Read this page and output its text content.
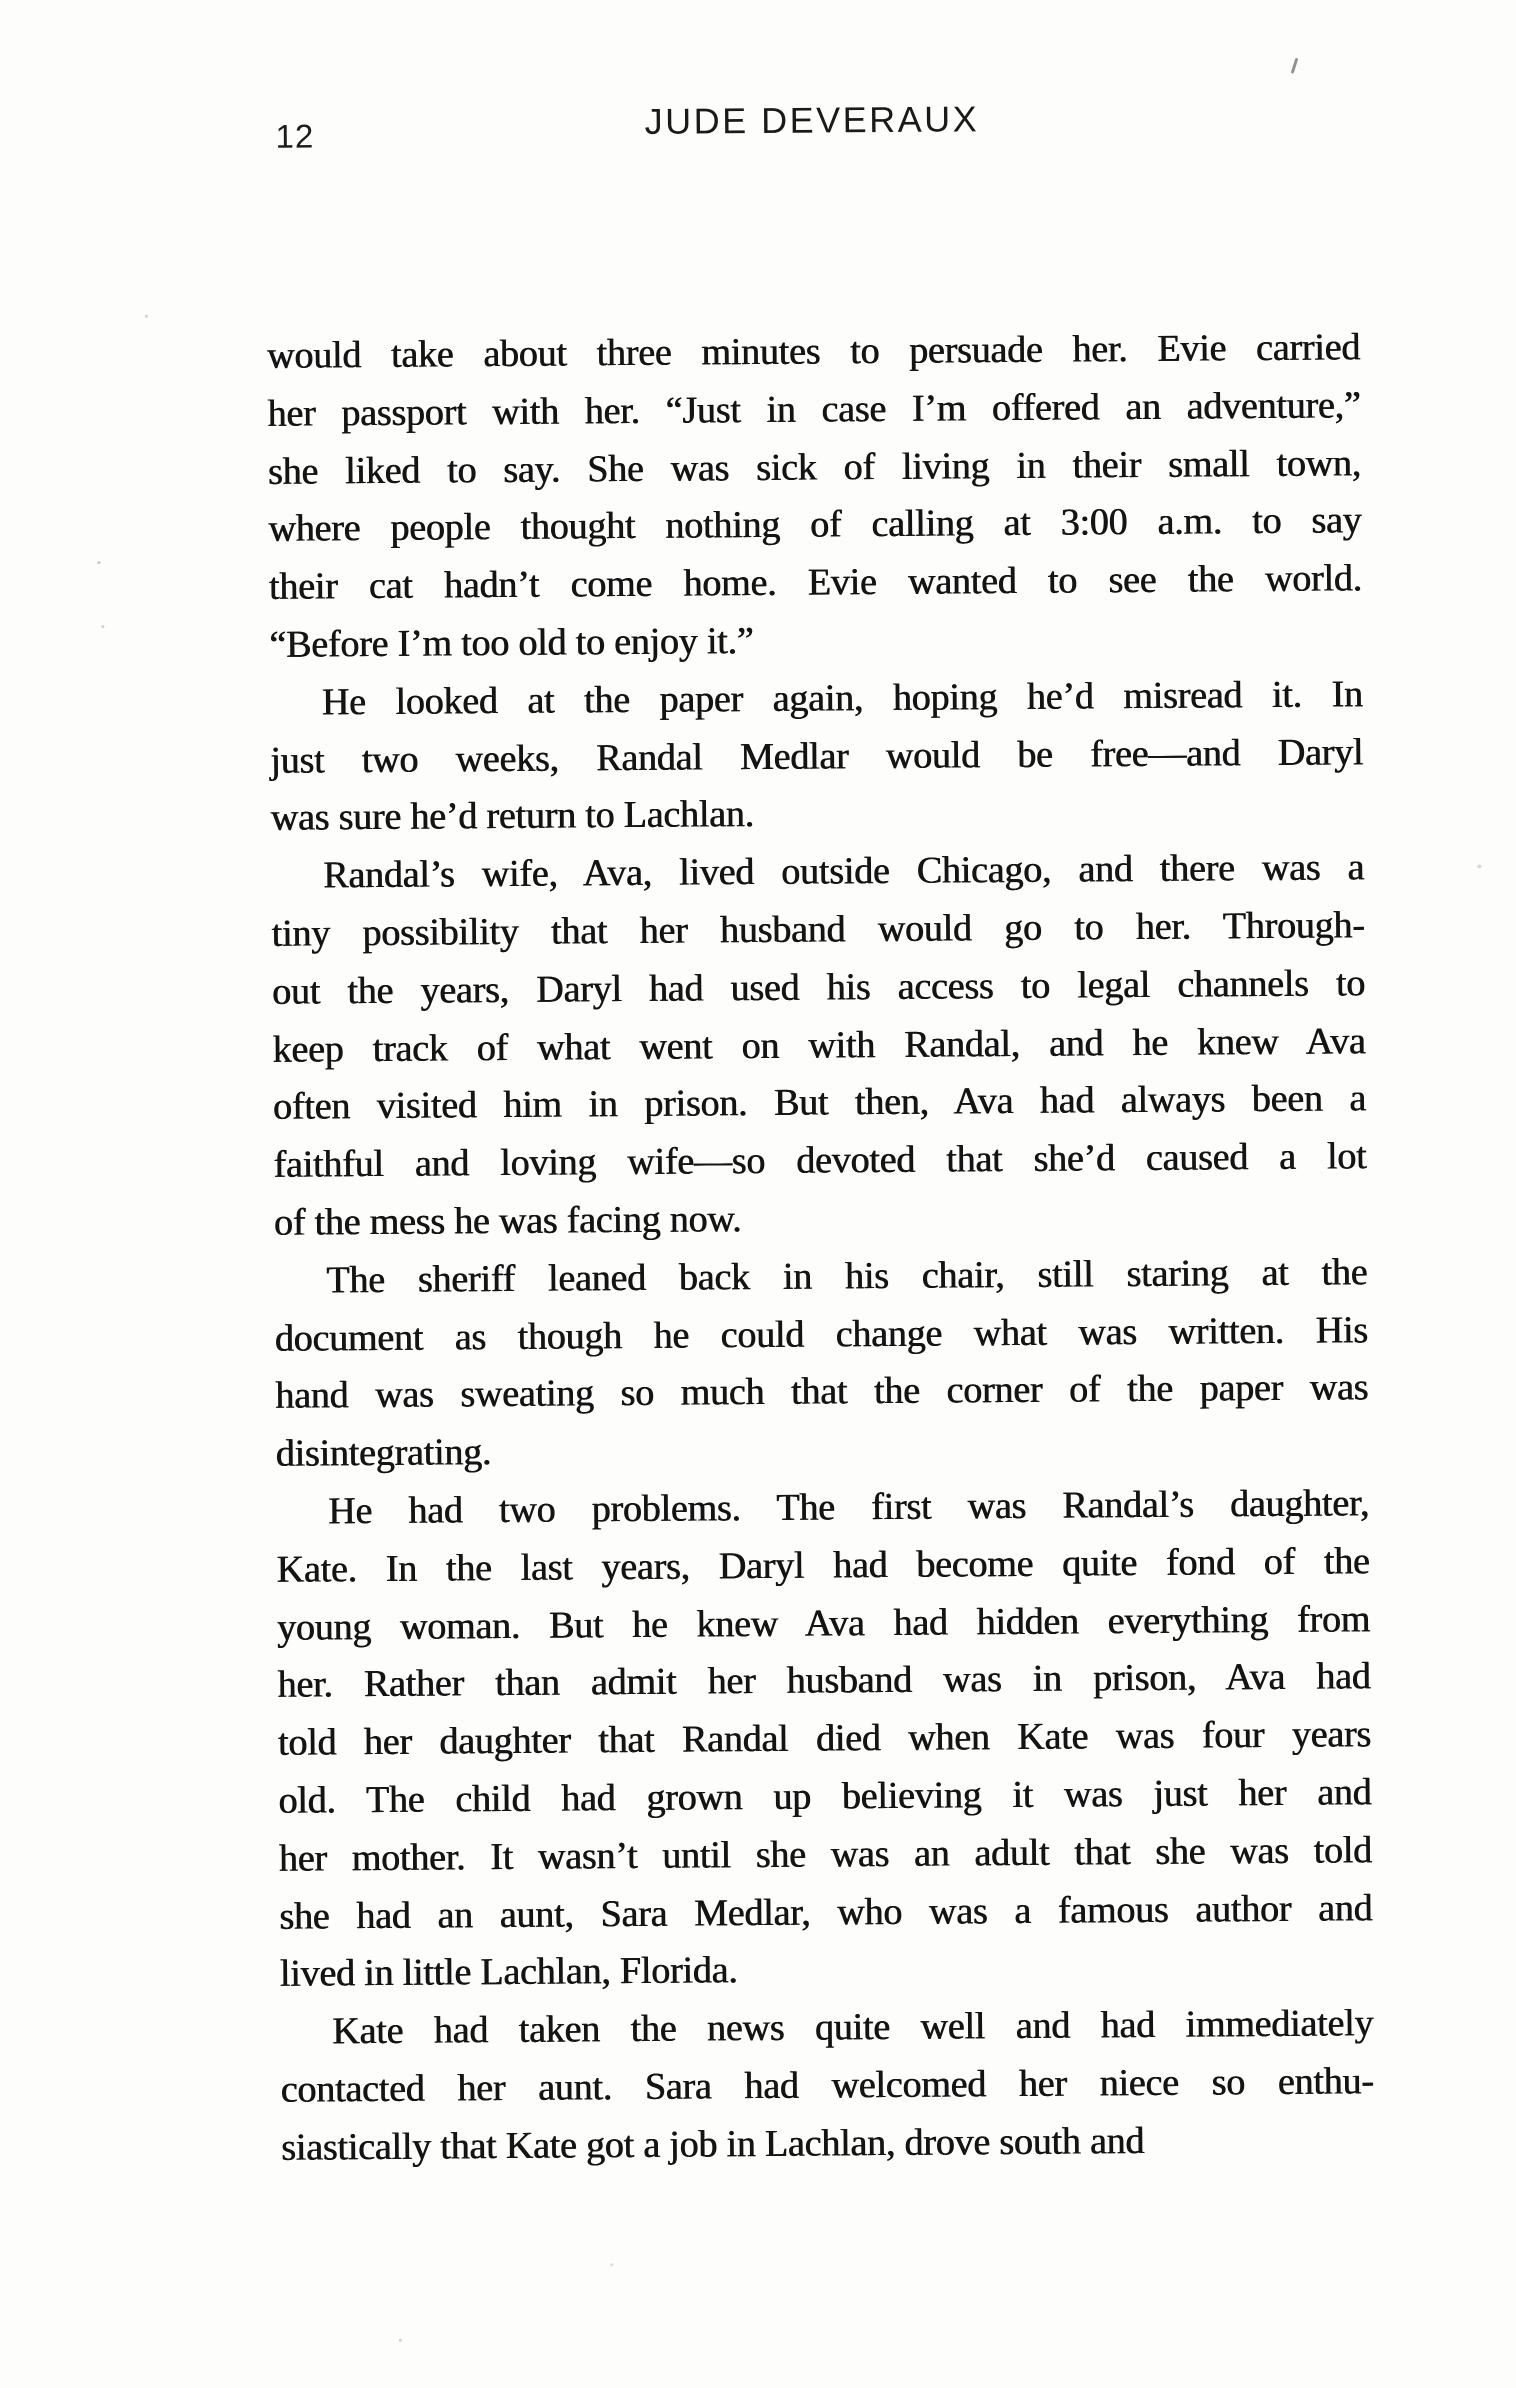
12	JUDE DEVERAUX
would take about three minutes to persuade her. Evie carried
her passport with her. “Just in case I’m offered an adventure,”
she liked to say. She was sick of living in their small town,
where people thought nothing of calling at 3:00 a.m. to say
their cat hadn’t come home. Evie wanted to see the world.
“Before I’m too old to enjoy it.”
He looked at the paper again, hoping he’d misread it. In
just two weeks, Randal Medlar would be free—and Daryl
was sure he’d return to Lachlan.
Randal’s wife, Ava, lived outside Chicago, and there was a
tiny possibility that her husband would go to her. Through-
out the years, Daryl had used his access to legal channels to
keep track of what went on with Randal, and he knew Ava
often visited him in prison. But then, Ava had always been a
faithful and loving wife—so devoted that she’d caused a lot
of the mess he was facing now.
The sheriff leaned back in his chair, still staring at the
document as though he could change what was written. His
hand was sweating so much that the corner of the paper was
disintegrating.
He had two problems. The first was Randal’s daughter,
Kate. In the last years, Daryl had become quite fond of the
young woman. But he knew Ava had hidden everything from
her. Rather than admit her husband was in prison, Ava had
told her daughter that Randal died when Kate was four years
old. The child had grown up believing it was just her and
her mother. It wasn’t until she was an adult that she was told
she had an aunt, Sara Medlar, who was a famous author and
lived in little Lachlan, Florida.
Kate had taken the news quite well and had immediately
contacted her aunt. Sara had welcomed her niece so enthu-
siastically that Kate got a job in Lachlan, drove south and
